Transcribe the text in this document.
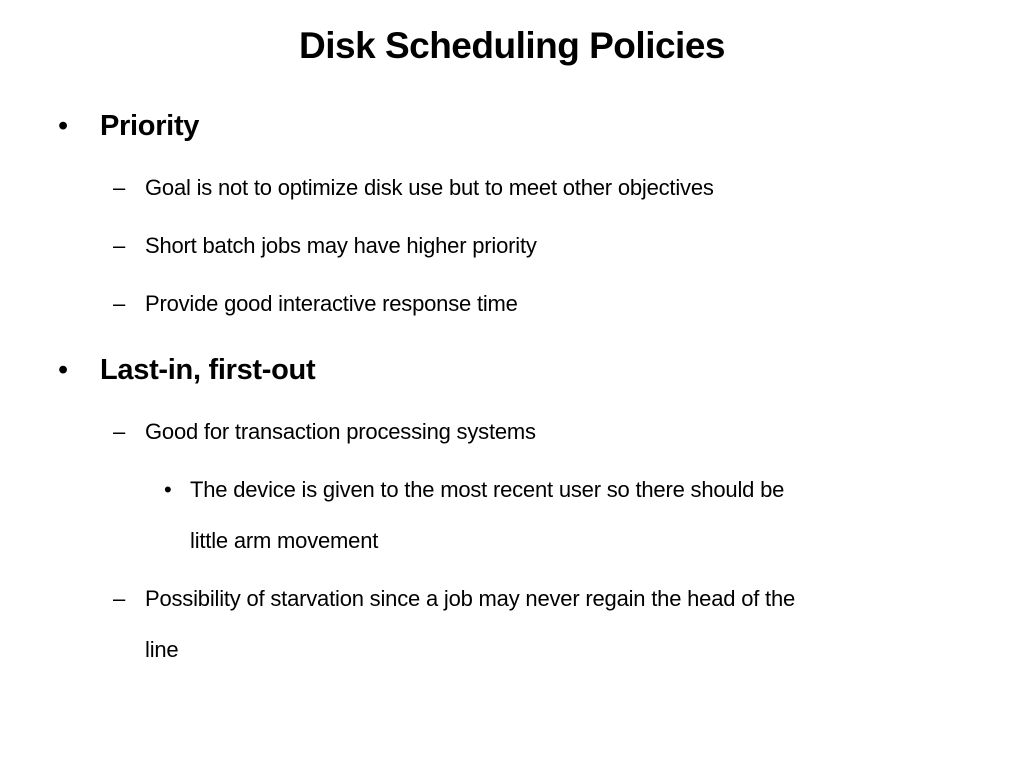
Disk Scheduling Policies
• Priority
– Goal is not to optimize disk use but to meet other objectives
– Short batch jobs may have higher priority
– Provide good interactive response time
• Last-in, first-out
– Good for transaction processing systems
• The device is given to the most recent user so there should be
little arm movement
– Possibility of starvation since a job may never regain the head of the
line
